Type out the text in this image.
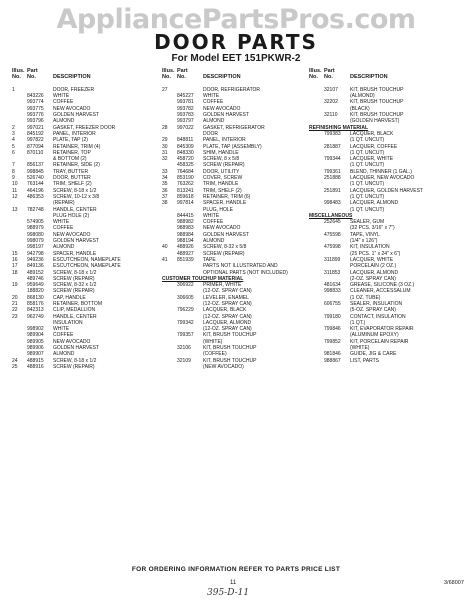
AppliancePartsPros.com
DOOR PARTS
For Model EET 151PKWR-2
Illus. Part
No.	No.	DESCRIPTION
1	DOOR, FREEZER
843226	WHITE
993774	COFFEE
993775	NEW AVOCADO
993776	GOLDEN HARVEST
993796	ALMOND
2	997021	GASKET, FREEZER DOOR
3	845192	PANEL, INTERIOR
4	997822	PLATE, TAP (2)
5	877094	RETAINER, TRIM (4)
6	870110	RETAINER, TOP
& BOTTOM (2)
7	856137	RETAINER, SIDE (2)
8	998845	TRAY, BUTTER
9	526740	DOOR, BUTTER
10	763144	TRIM, SHELF (2)
11	464196	SCREW, 8-18 x 1/2
12	486353	SCREW, 10-12 x 3/8
(REPAIR)
13	782748	HANDLE, CENTER
PLUG HOLE (2)
574905	WHITE
988979	COFFEE
998080	NEW AVOCADO
998079	GOLDEN HARVEST
998197	ALMOND
15	942798	SPACER, HANDLE
16	949236	ESCUTCHEON, NAMEPLATE
17	849136	ESCUTCHEON, NAMEPLATE
18	489152	SCREW, 8-18 x 1/2
489746	SCREW (REPAIR)
19	959649	SCREW, 8-32 x 1/2
188820	SCREW (REPAIR)
20	868130	CAP, HANDLE
21	858176	RETAINER, BOTTOM
22	842313	CLIP, MEDALLION
23	962749	HANDLE, CENTER
INSULATION
998902	WHITE
989904	COFFEE
989905	NEW AVOCADO
989906	GOLDEN HARVEST
989907	ALMOND
24	488915	SCREW, 8-18 x 1/2
25	488916	SCREW (REPAIR)
Illus. Part
No.	No.	DESCRIPTION
27	DOOR, REFRIGERATOR
845227	WHITE
993781	COFFEE
993782	NEW AVOCADO
993783	GOLDEN HARVEST
993797	ALMOND
28	997022	GASKET, REFRIGERATOR
DOOR
29	848811	PANEL, INTERIOR
30	845309	PLATE, TAP (ASSEMBLY)
31	848330	SHIM, HANDLE
32	458720	SCREW, 8 x 5/8
458325	SCREW (REPAIR)
33	764684	DOOR, UTILITY
34	853190	COVER, SCREW
35	763262	TRIM, HANDLE
36	813241	TRIM, SHELF (2)
37	859618	RETAINER, TRIM (6)
38	997814	SPACER, HANDLE
PLUG, HOLE
844415	WHITE
988982	COFFEE
988983	NEW AVOCADO
988984	GOLDEN HARVEST
988194	ALMOND
40	488926	SCREW, 8-32 x 5/8
488927	SCREW (REPAIR)
41	851939	TAPE
PARTS NOT ILLUSTRATED AND
OPTIONAL PARTS (NOT INCLUDED)
CUSTOMER TOUCHUP MATERIAL
306922	PRIMER, WHITE
(12-OZ. SPRAY CAN)
306605	LEVELER, ENAMEL
(12-OZ. SPRAY CAN)
796229	LACQUER, BLACK
(12-OZ. SPRAY CAN)
799342	LACQUER, ALMOND
(12-OZ. SPRAY CAN)
799357	KIT, BRUSH TOUCHUP
(WHITE)
32106	KIT, BRUSH TOUCHUP
(COFFEE)
32109	KIT, BRUSH TOUCHUP
(NEW AVOCADO)
Illus. Part
No.	No.	DESCRIPTION
32107	KIT, BRUSH TOUCHUP
(ALMOND)
32202	KIT, BRUSH TOUCHUP
(BLACK)
32110	KIT, BRUSH TOUCHUP
(GOLDEN HARVEST)
REFINISHING MATERIAL
799383	LACQUER, BLACK
(1 QT. UNCUT)
281887	LACQUER, COFFEE
(1 QT. UNCUT)
799344	LACQUER, WHITE
(1 QT. UNCUT)
799361	BLEND, THINNER (1 GAL.)
251888	LACQUER, NEW AVOCADO
(1 QT. UNCUT)
251891	LACQUER, GOLDEN HARVEST
(1 QT. UNCUT)
998483	LACQUER, ALMOND
(1 QT. UNCUT)
MISCELLANEOUS
252645	SEALER, GUM
(32 PCS. 3/16" x 7")
475598	TAPE, VINYL
(1/4" x 126")
475998	KIT, INSULATION
(25 PCS. 1" x 24" x 6")
311899	LACQUER, WHITE
PORCELAIN (2 OZ.)
311853	LACQUER, ALMOND
(2-OZ. SPRAY CAN)
481634	GREASE, SILICONE (3 OZ.)
998833	CLEANER, ACCESSALUM
(1 OZ. TUBE)
606755	SEALER, INSULATION
(5-OZ. SPRAY CAN)
799180	CONTACT, INSULATION
(1 QT.)
799846	KIT, EVAPORATOR REPAIR
(ALUMINUM EPOXY)
799852	KIT, PORCELAIN REPAIR
(WHITE)
981846	GUIDE, JIG & CARE
988867	LIST, PARTS
FOR ORDERING INFORMATION REFER TO PARTS PRICE LIST
11	3/68007
395-D-11
